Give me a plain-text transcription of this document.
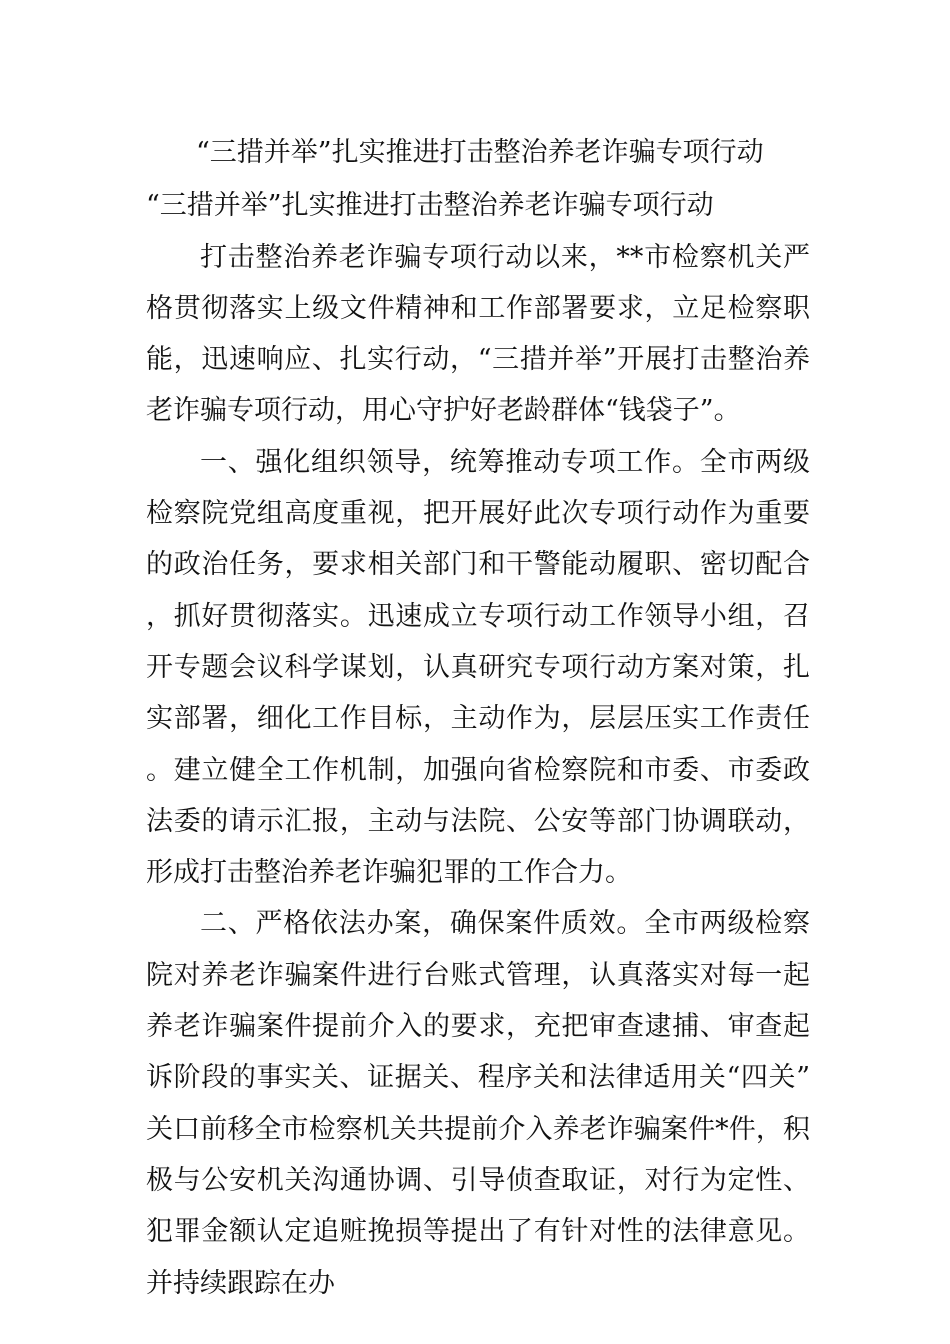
“三措并举”扎实推进打击整治养老诈骗专项行动
“三措并举”扎实推进打击整治养老诈骗专项行动

打击整治养老诈骗专项行动以来，**市检察机关严格贯彻落实上级文件精神和工作部署要求，立足检察职能，迅速响应、扎实行动，“三措并举”开展打击整治养老诈骗专项行动，用心守护好老龄群体“钱袋子”。

一、强化组织领导，统筹推动专项工作。全市两级检察院党组高度重视，把开展好此次专项行动作为重要的政治任务，要求相关部门和干警能动履职、密切配合，抓好贯彻落实。迅速成立专项行动工作领导小组，召开专题会议科学谋划，认真研究专项行动方案对策，扎实部署，细化工作目标，主动作为，层层压实工作责任。建立健全工作机制，加强向省检察院和市委、市委政法委的请示汇报，主动与法院、公安等部门协调联动，形成打击整治养老诈骗犯罪的工作合力。

二、严格依法办案，确保案件质效。全市两级检察院对养老诈骗案件进行台账式管理，认真落实对每一起养老诈骗案件提前介入的要求，充把审查逮捕、审查起诉阶段的事实关、证据关、程序关和法律适用关“四关”关口前移全市检察机关共提前介入养老诈骗案件*件，积极与公安机关沟通协调、引导侦查取证，对行为定性、犯罪金额认定追赃挽损等提出了有针对性的法律意见。并持续跟踪在办
